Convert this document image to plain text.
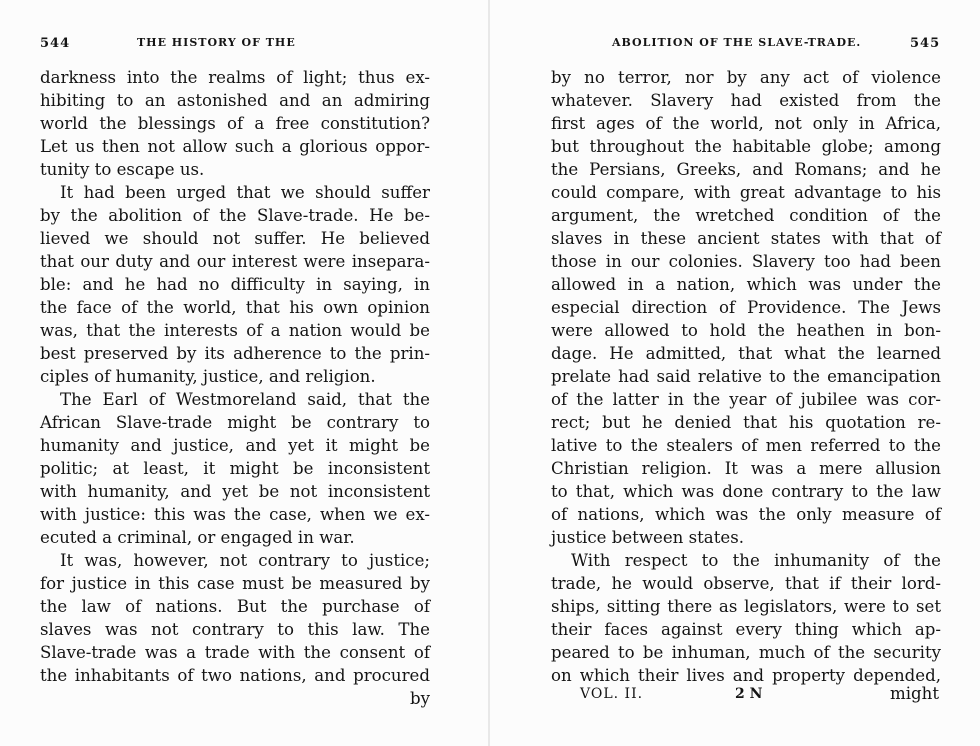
544	THE HISTORY OF THE
darkness into the realms of light; thus ex-
hibiting to an astonished and an admiring
world the blessings of a free constitution?
Let us then not allow such a glorious oppor-
tunity to escape us.
It had been urged that we should suffer
by the abolition of the Slave-trade. He be-
lieved we should not suffer. He believed
that our duty and our interest were insepara-
ble: and he had no difficulty in saying, in
the face of the world, that his own opinion
was, that the interests of a nation would be
best preserved by its adherence to the prin-
ciples of humanity, justice, and religion.
The Earl of Westmoreland said, that the
African Slave-trade might be contrary to
humanity and justice, and yet it might be
politic; at least, it might be inconsistent
with humanity, and yet be not inconsistent
with justice: this was the case, when we ex-
ecuted a criminal, or engaged in war.
It was, however, not contrary to justice;
for justice in this case must be measured by
the law of nations. But the purchase of
slaves was not contrary to this law. The
Slave-trade was a trade with the consent of
the inhabitants of two nations, and procured
by
ABOLITION OF THE SLAVE-TRADE.	545
by no terror, nor by any act of violence
whatever. Slavery had existed from the
first ages of the world, not only in Africa,
but throughout the habitable globe; among
the Persians, Greeks, and Romans; and he
could compare, with great advantage to his
argument, the wretched condition of the
slaves in these ancient states with that of
those in our colonies. Slavery too had been
allowed in a nation, which was under the
especial direction of Providence. The Jews
were allowed to hold the heathen in bon-
dage. He admitted, that what the learned
prelate had said relative to the emancipation
of the latter in the year of jubilee was cor-
rect; but he denied that his quotation re-
lative to the stealers of men referred to the
Christian religion. It was a mere allusion
to that, which was done contrary to the law
of nations, which was the only measure of
justice between states.
With respect to the inhumanity of the
trade, he would observe, that if their lord-
ships, sitting there as legislators, were to set
their faces against every thing which ap-
peared to be inhuman, much of the security
on which their lives and property depended,
VOL. II.	2 N	might
